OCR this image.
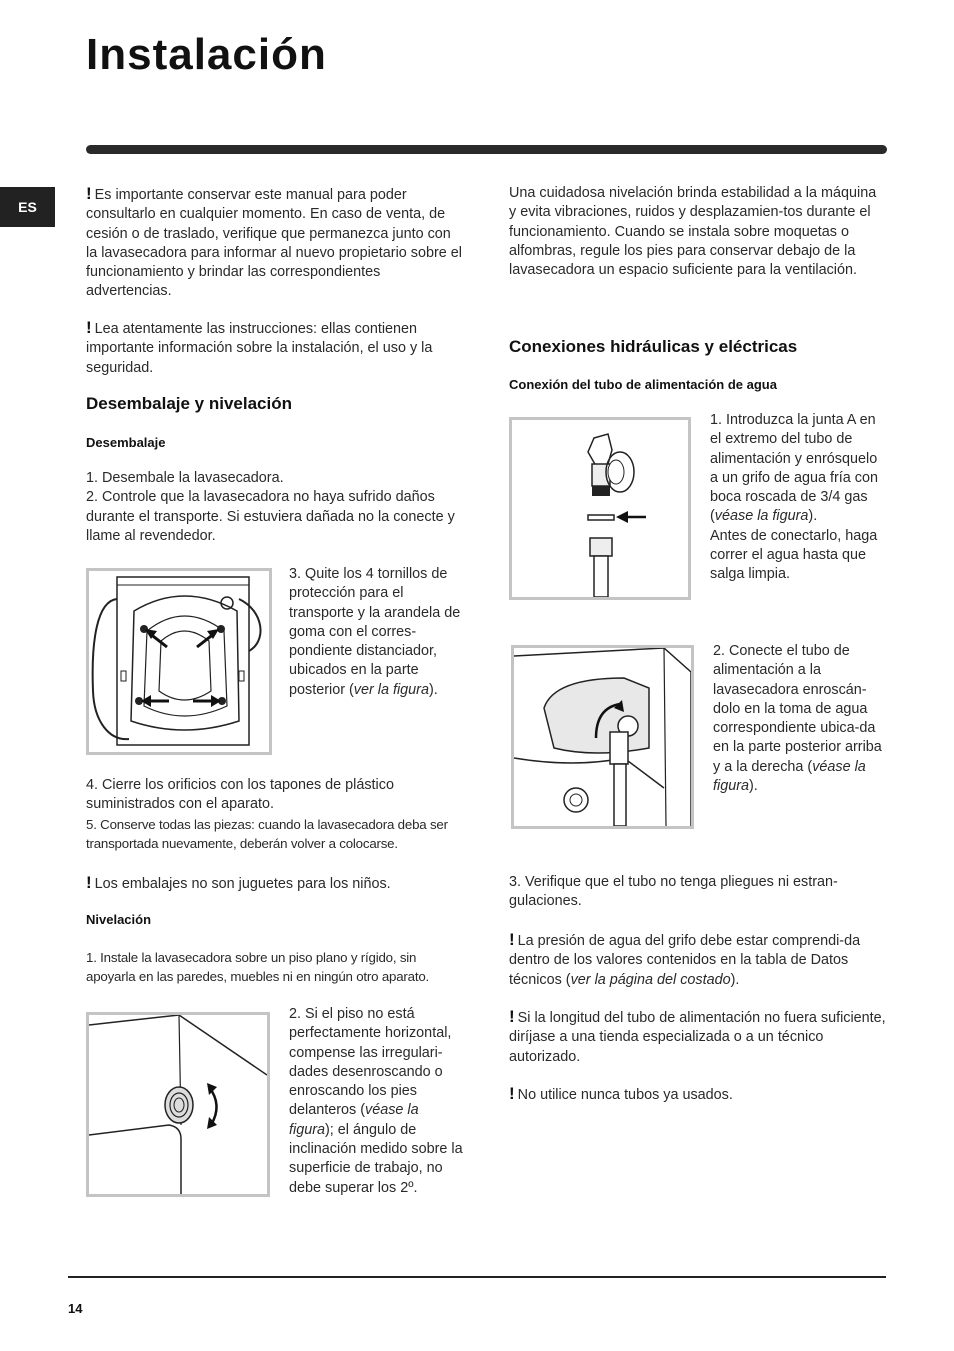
Instalación
ES

! Es importante conservar este manual para poder consultarlo en cualquier momento. En caso de venta, de cesión o de traslado, verifique que permanezca junto con la lavasecadora para informar al nuevo propietario sobre el funcionamiento y brindar las correspondientes advertencias.

! Lea atentamente las instrucciones: ellas contienen importante información sobre la instalación, el uso y la seguridad.

Desembalaje y nivelación
Desembalaje

1. Desembale la lavasecadora.

2. Controle que la lavasecadora no haya sufrido daños durante el transporte. Si estuviera dañada no la conecte y llame al revendedor.

3. Quite los 4 tornillos de protección para el transporte y la arandela de goma con el corres-pondiente distanciador, ubicados en la parte posterior (ver la figura).

4. Cierre los orificios con los tapones de plástico suministrados con el aparato.

5. Conserve todas las piezas: cuando la lavasecadora deba ser transportada nuevamente, deberán volver a colocarse.

! Los embalajes no son juguetes para los niños.

Nivelación

1. Instale la lavasecadora sobre un piso plano y rígido, sin apoyarla en las paredes, muebles ni en ningún otro aparato.

2. Si el piso no está perfectamente horizontal, compense las irregulari-dades desenroscando o enroscando los pies delanteros (véase la figura); el ángulo de inclinación medido sobre la superficie de trabajo, no debe superar los 2º.

Una cuidadosa nivelación brinda estabilidad a la máquina y evita vibraciones, ruidos y desplazamien-tos durante el funcionamiento. Cuando se instala sobre moquetas o alfombras, regule los pies para conservar debajo de la lavasecadora un espacio suficiente para la ventilación.

Conexiones hidráulicas y eléctricas
Conexión del tubo de alimentación de agua

1. Introduzca la junta A en el extremo del tubo de alimentación y enrósquelo a un grifo de agua fría con boca roscada de 3/4 gas (véase la figura).

Antes de conectarlo, haga correr el agua hasta que salga limpia.

2. Conecte el tubo de alimentación a la lavasecadora enroscán-dolo en la toma de agua correspondiente ubica-da en la parte posterior arriba y a la derecha (véase la figura).

3. Verifique que el tubo no tenga pliegues ni estran-gulaciones.

! La presión de agua del grifo debe estar comprendi-da dentro de los valores contenidos en la tabla de Datos técnicos (ver la página del costado).

! Si la longitud del tubo de alimentación no fuera suficiente, diríjase a una tienda especializada o a un técnico autorizado.

! No utilice nunca tubos ya usados.

14
